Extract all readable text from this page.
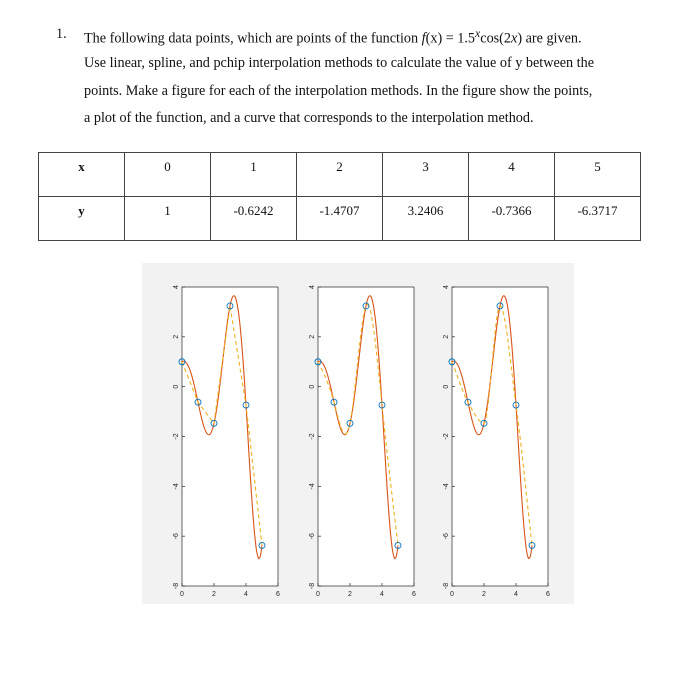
1. The following data points, which are points of the function $f(x) = 1.5^x\cos(2x)$ are given.
Use linear, spline, and pchip interpolation methods to calculate the value of y between the
points. Make a figure for each of the interpolation methods. In the figure show the points,
a plot of the function, and a curve that corresponds to the interpolation method.
x	0	1	2	3	4	5
y	1	-0.6242	-1.4707	3.2406	-0.7366	-6.3717
4
2
0
-2
-4
-6
-8
0	2	4	6
4
2
0
-2
-4
-6
-8
0	2	4	6
4
2
0
-2
-4
-6
-8
0	2	4	6
